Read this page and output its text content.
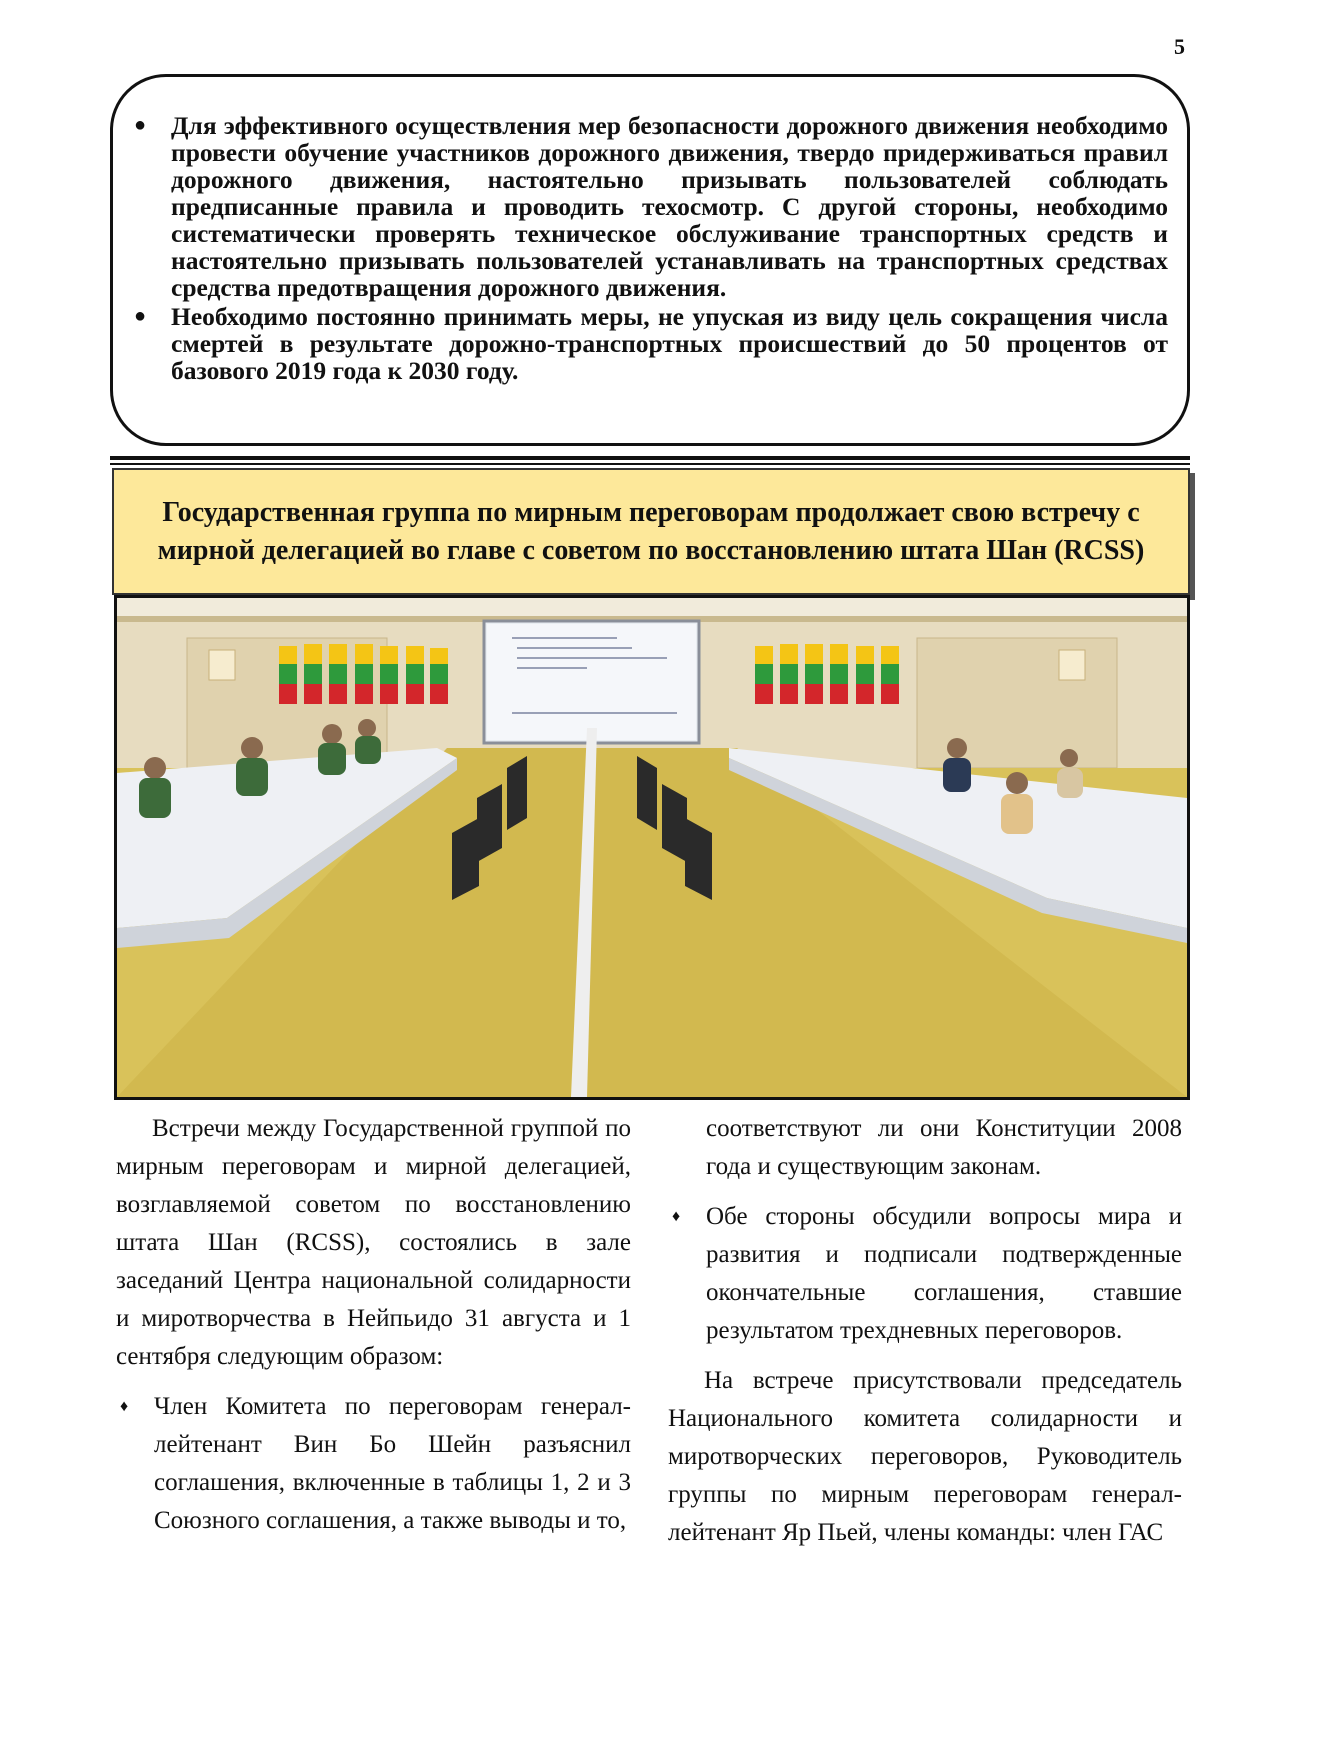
5
● Для эффективного осуществления мер безопасности дорожного движения необходимо провести обучение участников дорожного движения, твердо придерживаться правил дорожного движения, настоятельно призывать пользователей соблюдать предписанные правила и проводить техосмотр. С другой стороны, необходимо систематически проверять техническое обслуживание транспортных средств и настоятельно призывать пользователей устанавливать на транспортных средствах средства предотвращения дорожного движения.
● Необходимо постоянно принимать меры, не упуская из виду цель сокращения числа смертей в результате дорожно-транспортных происшествий до 50 процентов от базового 2019 года к 2030 году.
Государственная группа по мирным переговорам продолжает свою встречу с мирной делегацией во главе с советом по восстановлению штата Шан (RCSS)

Встречи между Государственной группой по мирным переговорам и мирной делегацией, возглавляемой советом по восстановлению штата Шан (RCSS), состоялись в зале заседаний Центра национальной солидарности и миротворчества в Нейпьидо 31 августа и 1 сентября следующим образом:

♦ Член Комитета по переговорам генерал-лейтенант Вин Бо Шейн разъяснил соглашения, включенные в таблицы 1, 2 и 3 Союзного соглашения, а также выводы и то,

соответствуют ли они Конституции 2008 года и существующим законам.

♦ Обе стороны обсудили вопросы мира и развития и подписали подтвержденные окончательные соглашения, ставшие результатом трехдневных переговоров.

На встрече присутствовали председатель Национального комитета солидарности и миротворческих переговоров, Руководитель группы по мирным переговорам генерал-лейтенант Яр Пьей, члены команды: член ГАС
